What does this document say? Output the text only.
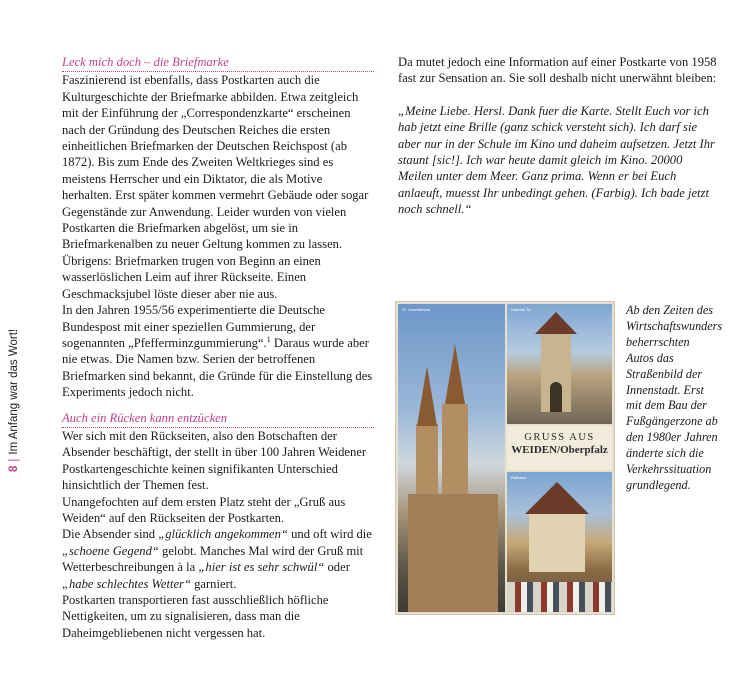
8|Im Anfang war das Wort!

Leck mich doch – die Briefmarke

Faszinierend ist ebenfalls, dass Postkarten auch die Kulturgeschichte der Briefmarke abbilden. Etwa zeitgleich mit der Einführung der „Correspondenzkarte“ erscheinen nach der Gründung des Deutschen Reiches die ersten einheitlichen Briefmarken der Deutschen Reichspost (ab 1872). Bis zum Ende des Zweiten Weltkrieges sind es meistens Herrscher und ein Diktator, die als Motive herhalten. Erst später kommen vermehrt Gebäude oder sogar Gegenstände zur Anwendung. Leider wurden von vielen Postkarten die Briefmarken abgelöst, um sie in Briefmarkenalben zu neuer Geltung kommen zu lassen.

Übrigens: Briefmarken trugen von Beginn an einen wasserlöslichen Leim auf ihrer Rückseite. Einen Geschmacksjubel löste dieser aber nie aus.

In den Jahren 1955/56 experimentierte die Deutsche Bundespost mit einer speziellen Gummierung, der sogenannten „Pfefferminzgummierung“.$^1$ Daraus wurde aber nie etwas. Die Namen bzw. Serien der betroffenen Briefmarken sind bekannt, die Gründe für die Einstellung des Experiments jedoch nicht.

Auch ein Rücken kann entzücken

Wer sich mit den Rückseiten, also den Botschaften der Absender beschäftigt, der stellt in über 100 Jahren Weidener Postkartengeschichte keinen signifikanten Unterschied hinsichtlich der Themen fest.

Unangefochten auf dem ersten Platz steht der „Gruß aus Weiden“ auf den Rückseiten der Postkarten.

Die Absender sind „glücklich angekommen“ und oft wird die „schoene Gegend“ gelobt. Manches Mal wird der Gruß mit Wetterbeschreibungen à la „hier ist es sehr schwül“ oder „habe schlechtes Wetter“ garniert.

Postkarten transportieren fast ausschließlich höfliche Nettigkeiten, um zu signalisieren, dass man die Daheimgebliebenen nicht vergessen hat.

Da mutet jedoch eine Information auf einer Postkarte von 1958 fast zur Sensation an. Sie soll deshalb nicht unerwähnt bleiben:

„Meine Liebe. Hersl. Dank fuer die Karte. Stellt Euch vor ich hab jetzt eine Brille (ganz schick versteht sich). Ich darf sie aber nur in der Schule im Kino und daheim aufsetzen. Jetzt Ihr staunt [sic!]. Ich war heute damit gleich im Kino. 20000 Meilen unter dem Meer. Ganz prima. Wenn er bei Euch anlaeuft, muesst Ihr unbedingt gehen. (Farbig). Ich bade jetzt noch schnell.“

St. Josefskirche	Unteres Tor
GRUSS AUS
WEIDEN/Oberpfalz
Rathaus
Ab den Zeiten des Wirtschaftswunders beherrschten Autos das Straßenbild der Innenstadt. Erst mit dem Bau der Fußgängerzone ab den 1980er Jahren änderte sich die Verkehrssituation grundlegend.
